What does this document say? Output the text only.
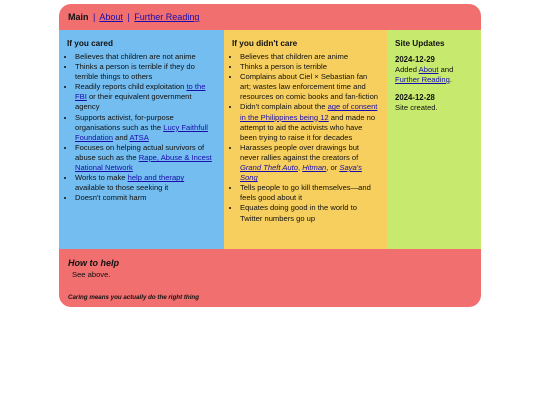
Main | About | Further Reading
If you cared
• Believes that children are not anime
• Thinks a person is terrible if they do terrible things to others
• Readily reports child exploitation to the FBI or their equivalent government agency
• Supports activist, for-purpose organisations such as the Lucy Faithfull Foundation and ATSA
• Focuses on helping actual survivors of abuse such as the Rape, Abuse & Incest National Network
• Works to make help and therapy available to those seeking it
• Doesn't commit harm
If you didn't care
• Believes that children are anime
• Thinks a person is terrible
• Complains about Ciel × Sebastian fan art; wastes law enforcement time and resources on comic books and fan-fiction
• Didn't complain about the age of consent in the Philippines being 12 and made no attempt to aid the activists who have been trying to raise it for decades
• Harasses people over drawings but never rallies against the creators of Grand Theft Auto, Hitman, or Saya's Song
• Tells people to go kill themselves—and feels good about it
• Equates doing good in the world to Twitter numbers go up
Site Updates
2024-12-29
Added About and Further Reading.
2024-12-28
Site created.
How to help
See above.
Caring means you actually do the right thing
